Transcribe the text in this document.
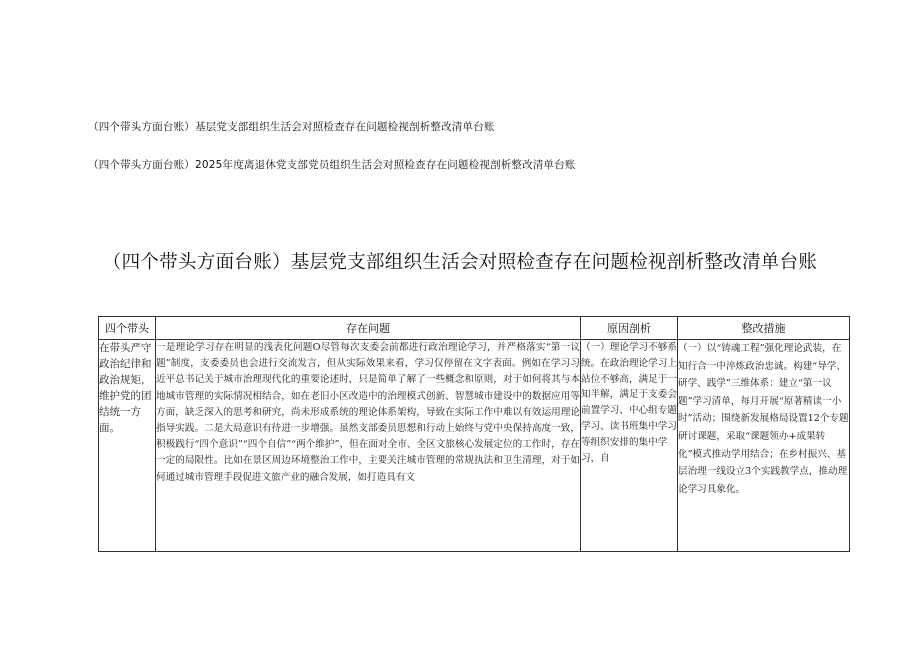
（四个带头方面台账）基层党支部组织生活会对照检查存在问题检视剖析整改清单台账
（四个带头方面台账）2025年度离退休党支部党员组织生活会对照检查存在问题检视剖析整改清单台账
（四个带头方面台账）基层党支部组织生活会对照检查存在问题检视剖析整改清单台账
四个带头	存在问题	原因剖析	整改措施
在带头严守政治纪律和政治规矩，维护党的团结统一方面。	一是理论学习存在明显的浅表化问题O尽管每次支委会前都进行政治理论学习，并严格落实“第一议题”制度，支委委员也会进行交流发言，但从实际效果来看，学习仅停留在文字表面。例如在学习习近平总书记关于城市治理现代化的重要论述时，只是简单了解了一些概念和原则，对于如何将其与本地城市管理的实际情况相结合，如在老旧小区改造中的治理模式创新、智慧城市建设中的数据应用等方面，缺乏深入的思考和研究，尚未形成系统的理论体系架构，导致在实际工作中难以有效运用理论指导实践。二是大局意识有待进一步增强。虽然支部委员思想和行动上始终与党中央保持高度一致，积极践行“四个意识”“四个自信”“两个维护”，但在面对全市、全区文旅核心发展定位的工作时，存在一定的局限性。比如在景区周边环境整治工作中，主要关注城市管理的常规执法和卫生清理，对于如何通过城市管理手段促进文旅产业的融合发展，如打造具有文	（一）理论学习不够系统。在政治理论学习上站位不够高，满足于一知半解，满足于支委会前置学习、中心组专题学习、读书班集中学习等组织安排的集中学习，自	（一）以“铸魂工程”强化理论武装，在知行合一中淬炼政治忠诚。构建“导学、研学、践学”三维体系：建立“第一议题”学习清单，每月开展“原著精读一小时”活动；围绕新发展格局设置12个专题研讨课题，采取“课题领办+成果转化”模式推动学用结合；在乡村振兴、基层治理一线设立3个实践教学点，推动理论学习具象化。
